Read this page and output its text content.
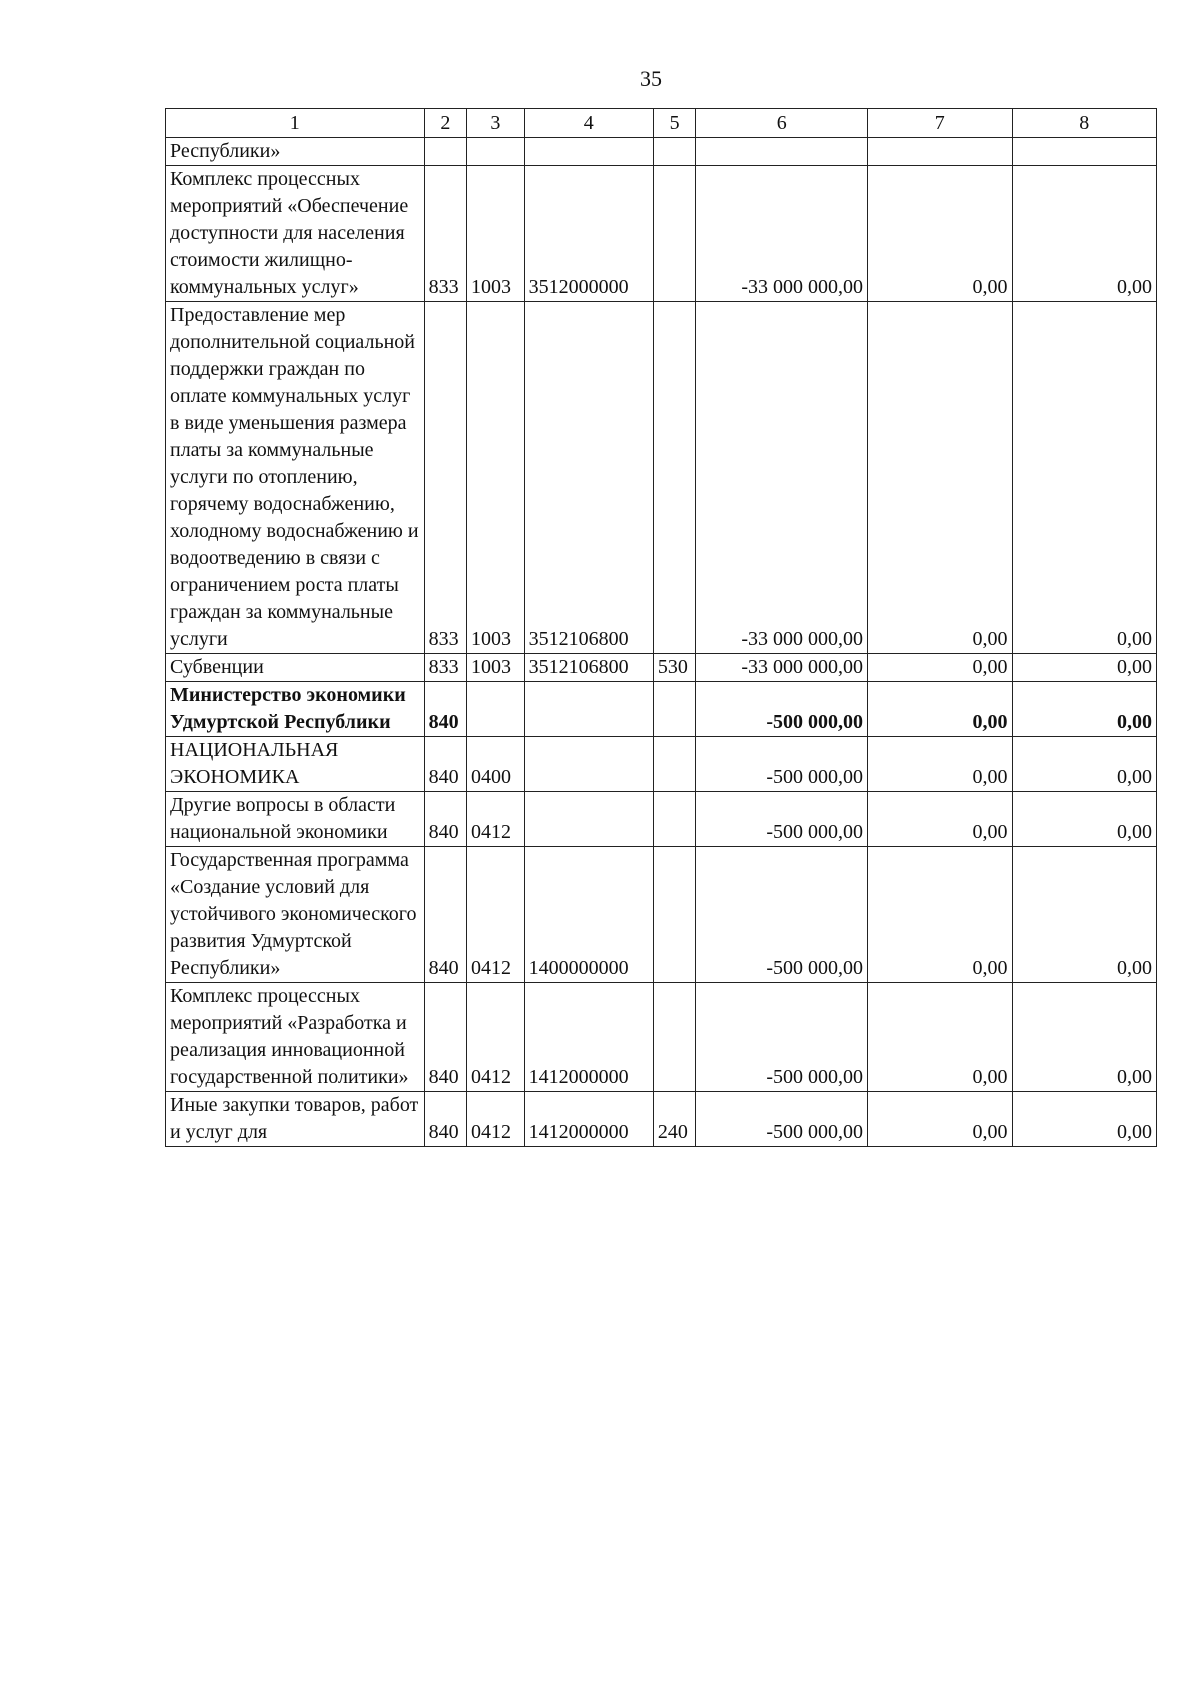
35
1	2	3	4	5	6	7	8
Республики»							
Комплекс процессных мероприятий «Обеспечение доступности для населения стоимости жилищно-коммунальных услуг»	833	1003	3512000000		-33 000 000,00	0,00	0,00
Предоставление мер дополнительной социальной поддержки граждан по оплате коммунальных услуг в виде уменьшения размера платы за коммунальные услуги по отоплению, горячему водоснабжению, холодному водоснабжению и водоотведению в связи с ограничением роста платы граждан за коммунальные услуги	833	1003	3512106800		-33 000 000,00	0,00	0,00
Субвенции	833	1003	3512106800	530	-33 000 000,00	0,00	0,00
Министерство экономики Удмуртской Республики	840				-500 000,00	0,00	0,00
НАЦИОНАЛЬНАЯ ЭКОНОМИКА	840	0400			-500 000,00	0,00	0,00
Другие вопросы в области национальной экономики	840	0412			-500 000,00	0,00	0,00
Государственная программа «Создание условий для устойчивого экономического развития Удмуртской Республики»	840	0412	1400000000		-500 000,00	0,00	0,00
Комплекс процессных мероприятий «Разработка и реализация инновационной государственной политики»	840	0412	1412000000		-500 000,00	0,00	0,00
Иные закупки товаров, работ и услуг для	840	0412	1412000000	240	-500 000,00	0,00	0,00
